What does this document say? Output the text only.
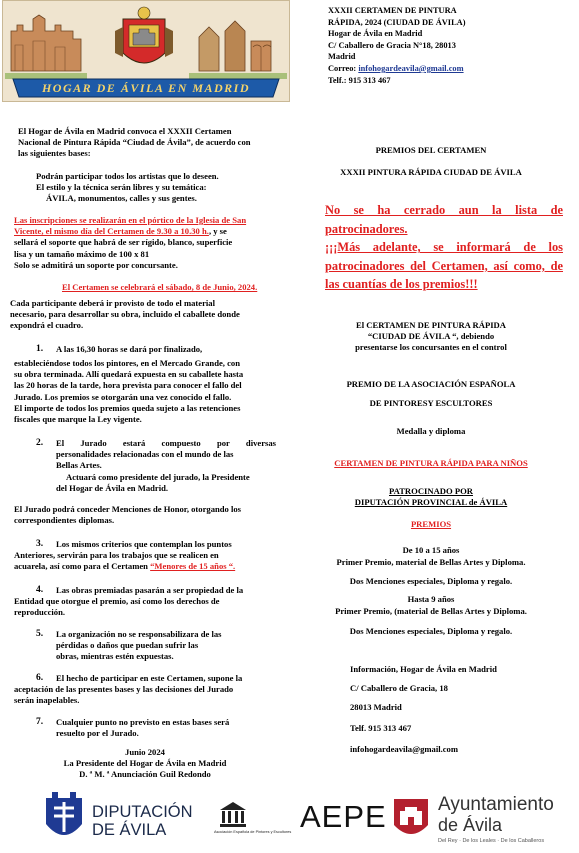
HOGAR DE ÁVILA EN MADRID
XXXII CERTAMEN DE PINTURA
RÁPIDA, 2024 (CIUDAD DE ÁVILA)
Hogar de Ávila en Madrid
C/ Caballero de Gracia N°18, 28013
Madrid
Correo: infohogardeavila@gmail.com
Telf.: 915 313 467
El Hogar de Ávila en Madrid convoca el XXXII Certamen
Nacional de Pintura Rápida “Ciudad de Ávila”, de acuerdo con
las siguientes bases:
Podrán participar todos los artistas que lo deseen.
El estilo y la técnica serán libres y su temática:
ÁVILA, monumentos, calles y sus gentes.
Las inscripciones se realizarán en el pórtico de la Iglesia de San
Vicente, el mismo día del Certamen de 9.30 a 10.30 h., y se
sellará el soporte que habrá de ser rígido, blanco, superficie
lisa y un tamaño máximo de 100 x 81
Solo se admitirá un soporte por concursante.
El Certamen se celebrará el sábado, 8 de Junio, 2024.
Cada participante deberá ir provisto de todo el material
necesario, para desarrollar su obra, incluido el caballete donde
expondrá el cuadro.
1. A las 16,30 horas se dará por finalizado,
estableciéndose todos los pintores, en el Mercado Grande, con
su obra terminada. Allí quedará expuesta en su caballete hasta
las 20 horas de la tarde, hora prevista para conocer el fallo del
Jurado. Los premios se otorgarán una vez conocido el fallo.
El importe de todos los premios queda sujeto a las retenciones
fiscales que marque la Ley vigente.
2. El Jurado estará compuesto por diversas
personalidades relacionadas con el mundo de las
Bellas Artes.
Actuará como presidente del jurado, la Presidente
del Hogar de Ávila en Madrid.
El Jurado podrá conceder Menciones de Honor, otorgando los
correspondientes diplomas.
3. Los mismos criterios que contemplan los puntos
Anteriores, servirán para los trabajos que se realicen en
acuarela, así como para el Certamen “Menores de 15 años “.
4. Las obras premiadas pasarán a ser propiedad de la
Entidad que otorgue el premio, así como los derechos de
reproducción.
5. La organización no se responsabilizara de las
pérdidas o daños que puedan sufrir las
obras, mientras estén expuestas.
6. El hecho de participar en este Certamen, supone la
aceptación de las presentes bases y las decisiones del Jurado
serán inapelables.
7. Cualquier punto no previsto en estas bases será
resuelto por el Jurado.
Junio 2024
La Presidente del Hogar de Ávila en Madrid
D. ª M. ª Anunciación Guil Redondo
PREMIOS DEL CERTAMEN
XXXII PINTURA RÁPIDA CIUDAD DE ÁVILA
No se ha cerrado aun la lista de
patrocinadores.
¡¡¡Más adelante, se informará de los
patrocinadores del Certamen, así como, de
las cuantías de los premios!!!
El CERTAMEN DE PINTURA RÁPIDA
“CIUDAD DE ÁVILA “, debiendo
presentarse los concursantes en el control
PREMIO DE LA ASOCIACIÓN ESPAÑOLA
DE PINTORESY ESCULTORES
Medalla y diploma
CERTAMEN DE PINTURA RÁPIDA PARA NIÑOS
PATROCINADO POR
DIPUTACIÓN PROVINCIAL de ÁVILA
PREMIOS
De 10 a 15 años
Primer Premio, material de Bellas Artes y Diploma.
Dos Menciones especiales, Diploma y regalo.
Hasta 9 años
Primer Premio, (material de Bellas Artes y Diploma.
Dos Menciones especiales, Diploma y regalo.
Información, Hogar de Ávila en Madrid
C/ Caballero de Gracia, 18
28013 Madrid
Telf. 915 313 467
infohogardeavila@gmail.com
DIPUTACIÓN
DE ÁVILA	Asociación Española de Pintores y Escultores AEPE	Ayuntamiento
de Ávila
Del Rey · De los Leales · De los Caballeros
